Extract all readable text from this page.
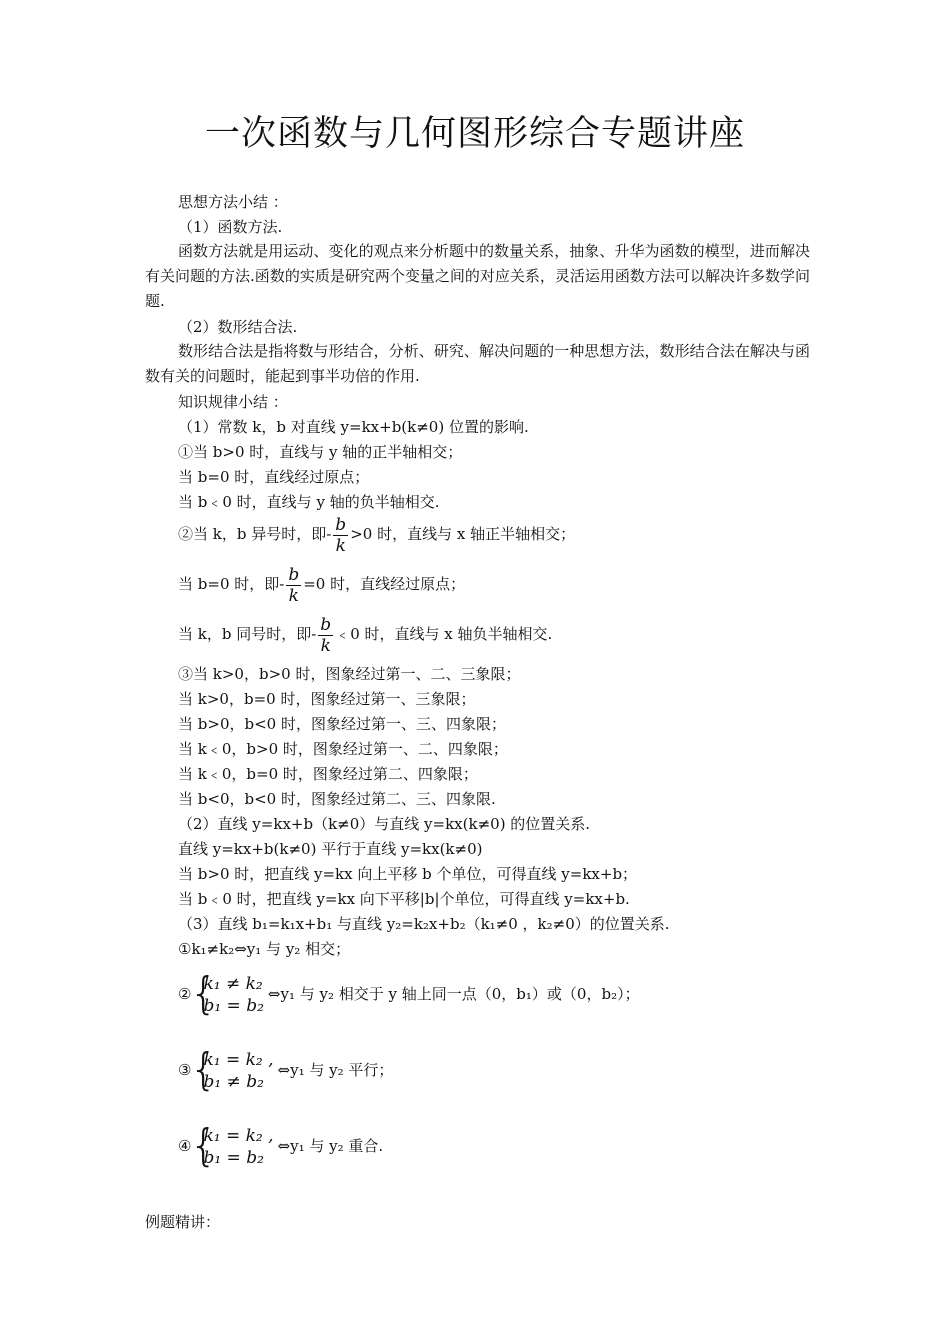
一次函数与几何图形综合专题讲座
思想方法小结 ：
（1）函数方法.
函数方法就是用运动、变化的观点来分析题中的数量关系，抽象、升华为函数的模型，进而解决有关问题的方法.函数的实质是研究两个变量之间的对应关系，灵活运用函数方法可以解决许多数学问题.
（2）数形结合法.
数形结合法是指将数与形结合，分析、研究、解决问题的一种思想方法，数形结合法在解决与函数有关的问题时，能起到事半功倍的作用.
知识规律小结 ：
（1）常数 k，b 对直线 y=kx+b(k≠0) 位置的影响.
①当 b>0 时，直线与 y 轴的正半轴相交；
当 b=0 时，直线经过原点；
当 b﹤0 时，直线与 y 轴的负半轴相交.
②当 k，b 异号时，即- $\frac{b}{k} >0$ 时，直线与 x 轴正半轴相交；
当 b=0 时，即- $\frac{b}{k} =0$ 时，直线经过原点；
当 k，b 同号时，即- $\frac{b}{k}$ ﹤0 时，直线与 x 轴负半轴相交.
③当 k>0，b>0 时，图象经过第一、二、三象限；
当 k>0，b=0 时，图象经过第一、三象限；
当 b>0，b<0 时，图象经过第一、三、四象限；
当 k﹤0，b>0 时，图象经过第一、二、四象限；
当 k﹤0，b=0 时，图象经过第二、四象限；
当 b<0，b<0 时，图象经过第二、三、四象限.
（2）直线 y=kx+b（k≠0）与直线 y=kx(k≠0) 的位置关系.
直线 y=kx+b(k≠0) 平行于直线 y=kx(k≠0)
当 b>0 时，把直线 y=kx 向上平移 b 个单位，可得直线 y=kx+b；
当 b﹤0 时，把直线 y=kx 向下平移|b|个单位，可得直线 y=kx+b.
（3）直线 b₁=k₁x+b₁ 与直线 y₂=k₂x+b₂（k₁≠0 ，k₂≠0）的位置关系.
①k₁≠k₂⇔y₁ 与 y₂ 相交；
②
{
k₁ ≠ k₂
b₁ = b₂
⇔y₁ 与 y₂ 相交于 y 轴上同一点（0，b₁）或（0，b₂）；
③
{
k₁ = k₂ ,
b₁ ≠ b₂
⇔y₁ 与 y₂ 平行；
④
{
k₁ = k₂ ,
b₁ = b₂
⇔y₁ 与 y₂ 重合.
例题精讲：
